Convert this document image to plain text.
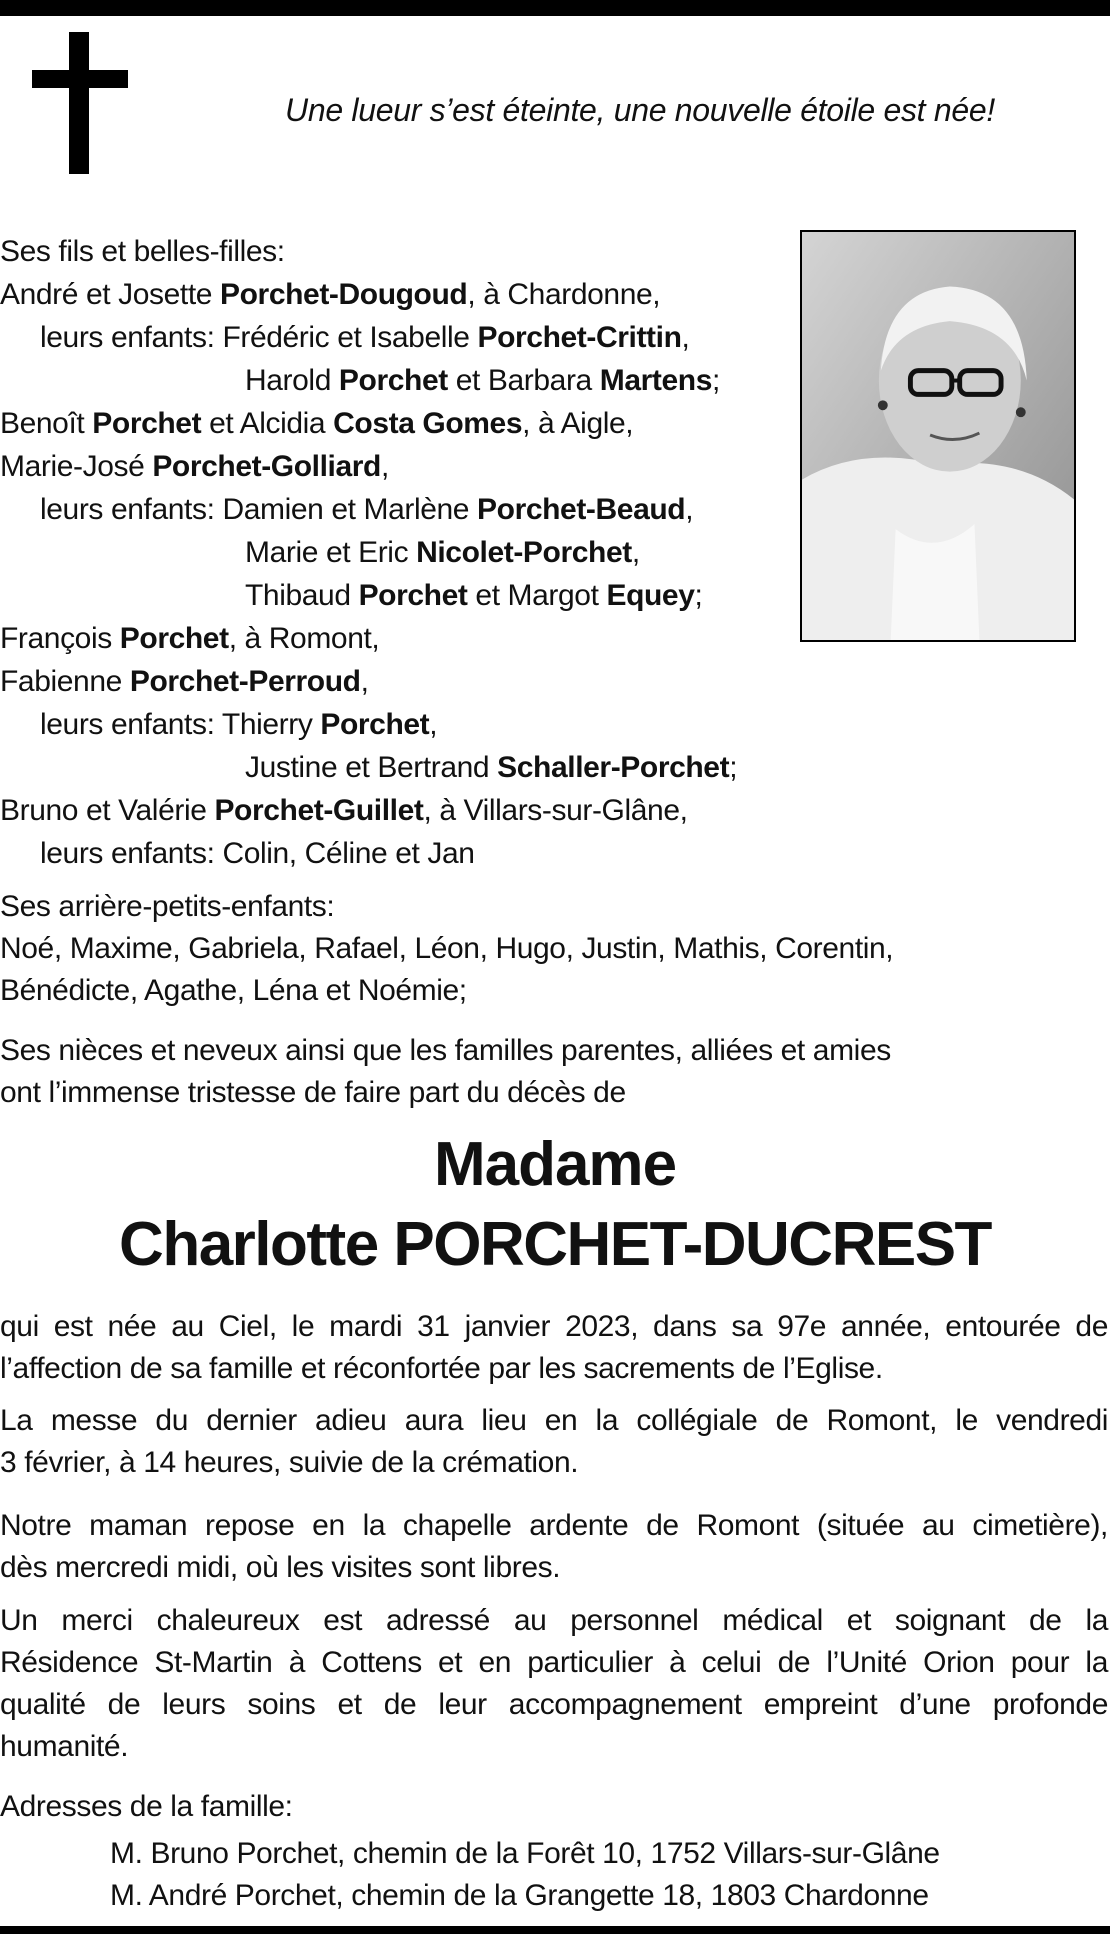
Une lueur s’est éteinte, une nouvelle étoile est née!
Ses fils et belles-filles:
André et Josette Porchet-Dougoud, à Chardonne,
leurs enfants: Frédéric et Isabelle Porchet-Crittin,
Harold Porchet et Barbara Martens;
Benoît Porchet et Alcidia Costa Gomes, à Aigle,
Marie-José Porchet-Golliard,
leurs enfants: Damien et Marlène Porchet-Beaud,
Marie et Eric Nicolet-Porchet,
Thibaud Porchet et Margot Equey;
François Porchet, à Romont,
Fabienne Porchet-Perroud,
leurs enfants: Thierry Porchet,
Justine et Bertrand Schaller-Porchet;
Bruno et Valérie Porchet-Guillet, à Villars-sur-Glâne,
leurs enfants: Colin, Céline et Jan
Ses arrière-petits-enfants:
Noé, Maxime, Gabriela, Rafael, Léon, Hugo, Justin, Mathis, Corentin,
Bénédicte, Agathe, Léna et Noémie;
Ses nièces et neveux ainsi que les familles parentes, alliées et amies
ont l’immense tristesse de faire part du décès de
Madame
Charlotte PORCHET-DUCREST
qui est née au Ciel, le mardi 31 janvier 2023, dans sa 97e année, entourée de
l’affection de sa famille et réconfortée par les sacrements de l’Eglise.
La messe du dernier adieu aura lieu en la collégiale de Romont, le vendredi
3 février, à 14 heures, suivie de la crémation.
Notre maman repose en la chapelle ardente de Romont (située au cimetière),
dès mercredi midi, où les visites sont libres.
Un merci chaleureux est adressé au personnel médical et soignant de la
Résidence St-Martin à Cottens et en particulier à celui de l’Unité Orion pour la
qualité de leurs soins et de leur accompagnement empreint d’une profonde
humanité.
Adresses de la famille:
M. Bruno Porchet, chemin de la Forêt 10, 1752 Villars-sur-Glâne
M. André Porchet, chemin de la Grangette 18, 1803 Chardonne
